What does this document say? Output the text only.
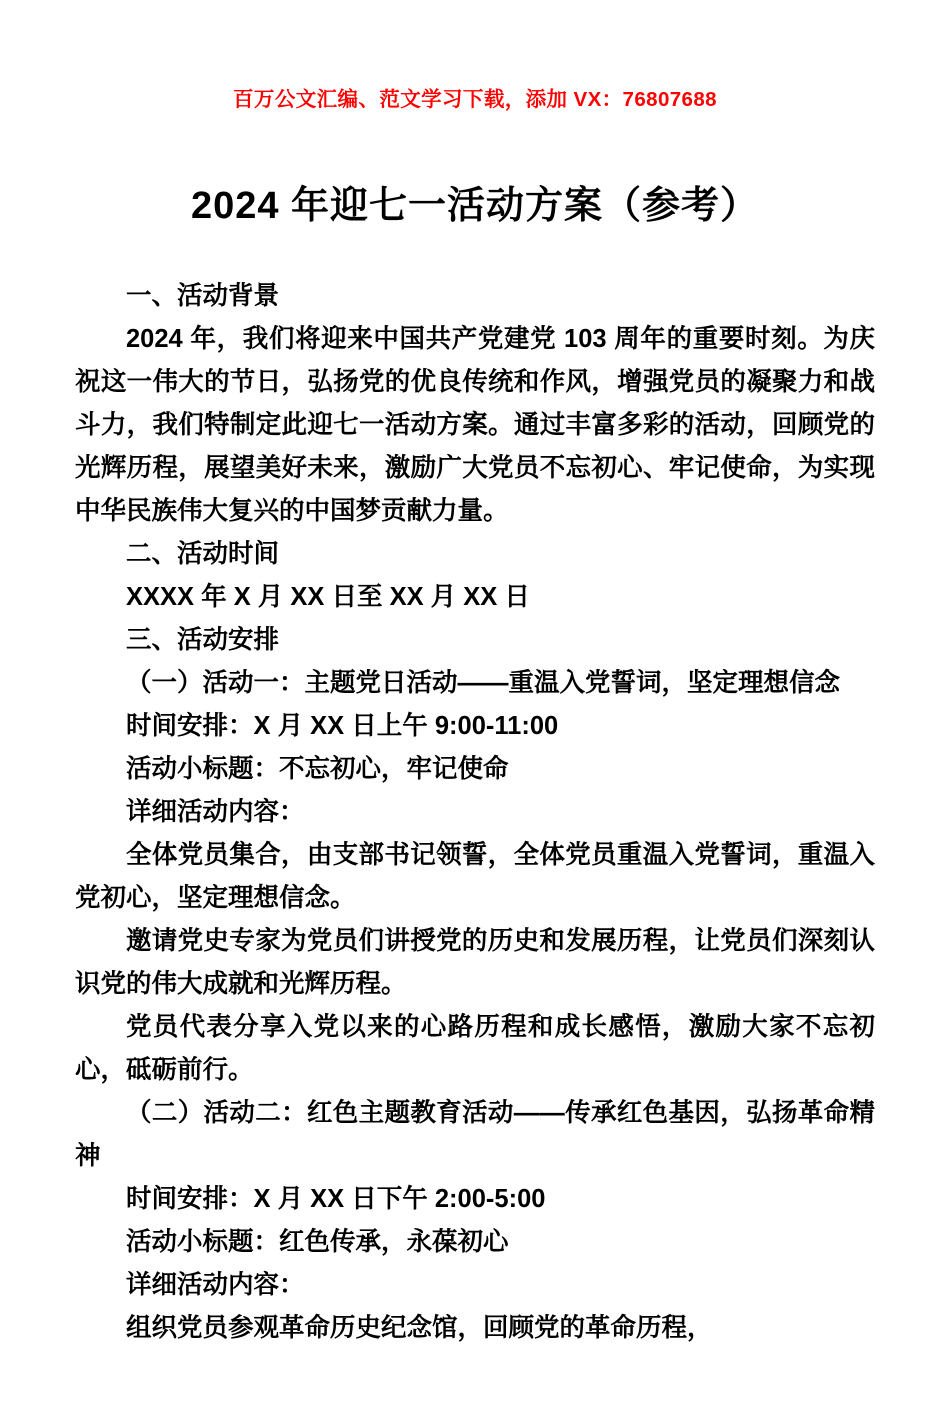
百万公文汇编、范文学习下载，添加 VX：76807688
2024 年迎七一活动方案（参考）

一、活动背景

2024 年，我们将迎来中国共产党建党 103 周年的重要时刻。为庆祝这一伟大的节日，弘扬党的优良传统和作风，增强党员的凝聚力和战斗力，我们特制定此迎七一活动方案。通过丰富多彩的活动，回顾党的光辉历程，展望美好未来，激励广大党员不忘初心、牢记使命，为实现中华民族伟大复兴的中国梦贡献力量。

二、活动时间

XXXX 年 X 月 XX 日至 XX 月 XX 日

三、活动安排

（一）活动一：主题党日活动——重温入党誓词，坚定理想信念

时间安排：X 月 XX 日上午 9:00-11:00

活动小标题：不忘初心，牢记使命

详细活动内容：

全体党员集合，由支部书记领誓，全体党员重温入党誓词，重温入党初心，坚定理想信念。

邀请党史专家为党员们讲授党的历史和发展历程，让党员们深刻认识党的伟大成就和光辉历程。

党员代表分享入党以来的心路历程和成长感悟，激励大家不忘初心，砥砺前行。

（二）活动二：红色主题教育活动——传承红色基因，弘扬革命精神

时间安排：X 月 XX 日下午 2:00-5:00

活动小标题：红色传承，永葆初心

详细活动内容：

组织党员参观革命历史纪念馆，回顾党的革命历程，
